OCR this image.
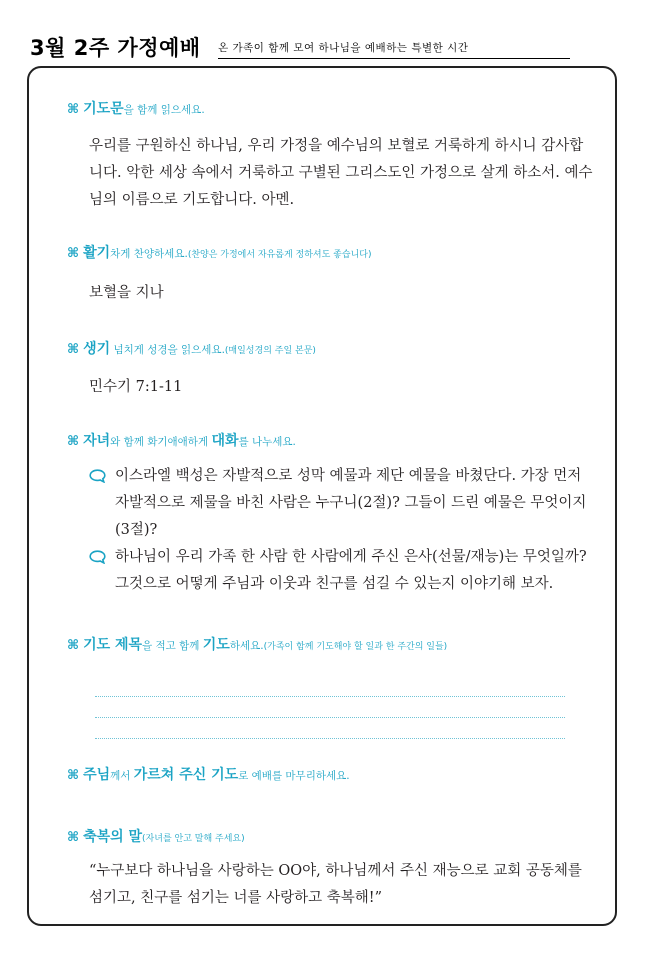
3월 2주 가정예배 온 가족이 함께 모여 하나님을 예배하는 특별한 시간
⌘ 기도문을 함께 읽으세요.
우리를 구원하신 하나님, 우리 가정을 예수님의 보혈로 거룩하게 하시니 감사합니다. 악한 세상 속에서 거룩하고 구별된 그리스도인 가정으로 살게 하소서. 예수님의 이름으로 기도합니다. 아멘.
⌘ 활기차게 찬양하세요.(찬양은 가정에서 자유롭게 정하셔도 좋습니다)
보혈을 지나
⌘ 생기 넘치게 성경을 읽으세요.(매일성경의 주일 본문)
민수기 7:1-11
⌘ 자녀와 함께 화기애애하게 대화를 나누세요.
이스라엘 백성은 자발적으로 성막 예물과 제단 예물을 바쳤단다. 가장 먼저 자발적으로 제물을 바친 사람은 누구니(2절)? 그들이 드린 예물은 무엇이지(3절)?
하나님이 우리 가족 한 사람 한 사람에게 주신 은사(선물/재능)는 무엇일까? 그것으로 어떻게 주님과 이웃과 친구를 섬길 수 있는지 이야기해 보자.
⌘ 기도 제목을 적고 함께 기도하세요.(가족이 함께 기도해야 할 일과 한 주간의 일들)
⌘ 주님께서 가르쳐 주신 기도로 예배를 마무리하세요.
⌘ 축복의 말(자녀를 안고 말해 주세요)
“누구보다 하나님을 사랑하는 OO야, 하나님께서 주신 재능으로 교회 공동체를 섬기고, 친구를 섬기는 너를 사랑하고 축복해!”
